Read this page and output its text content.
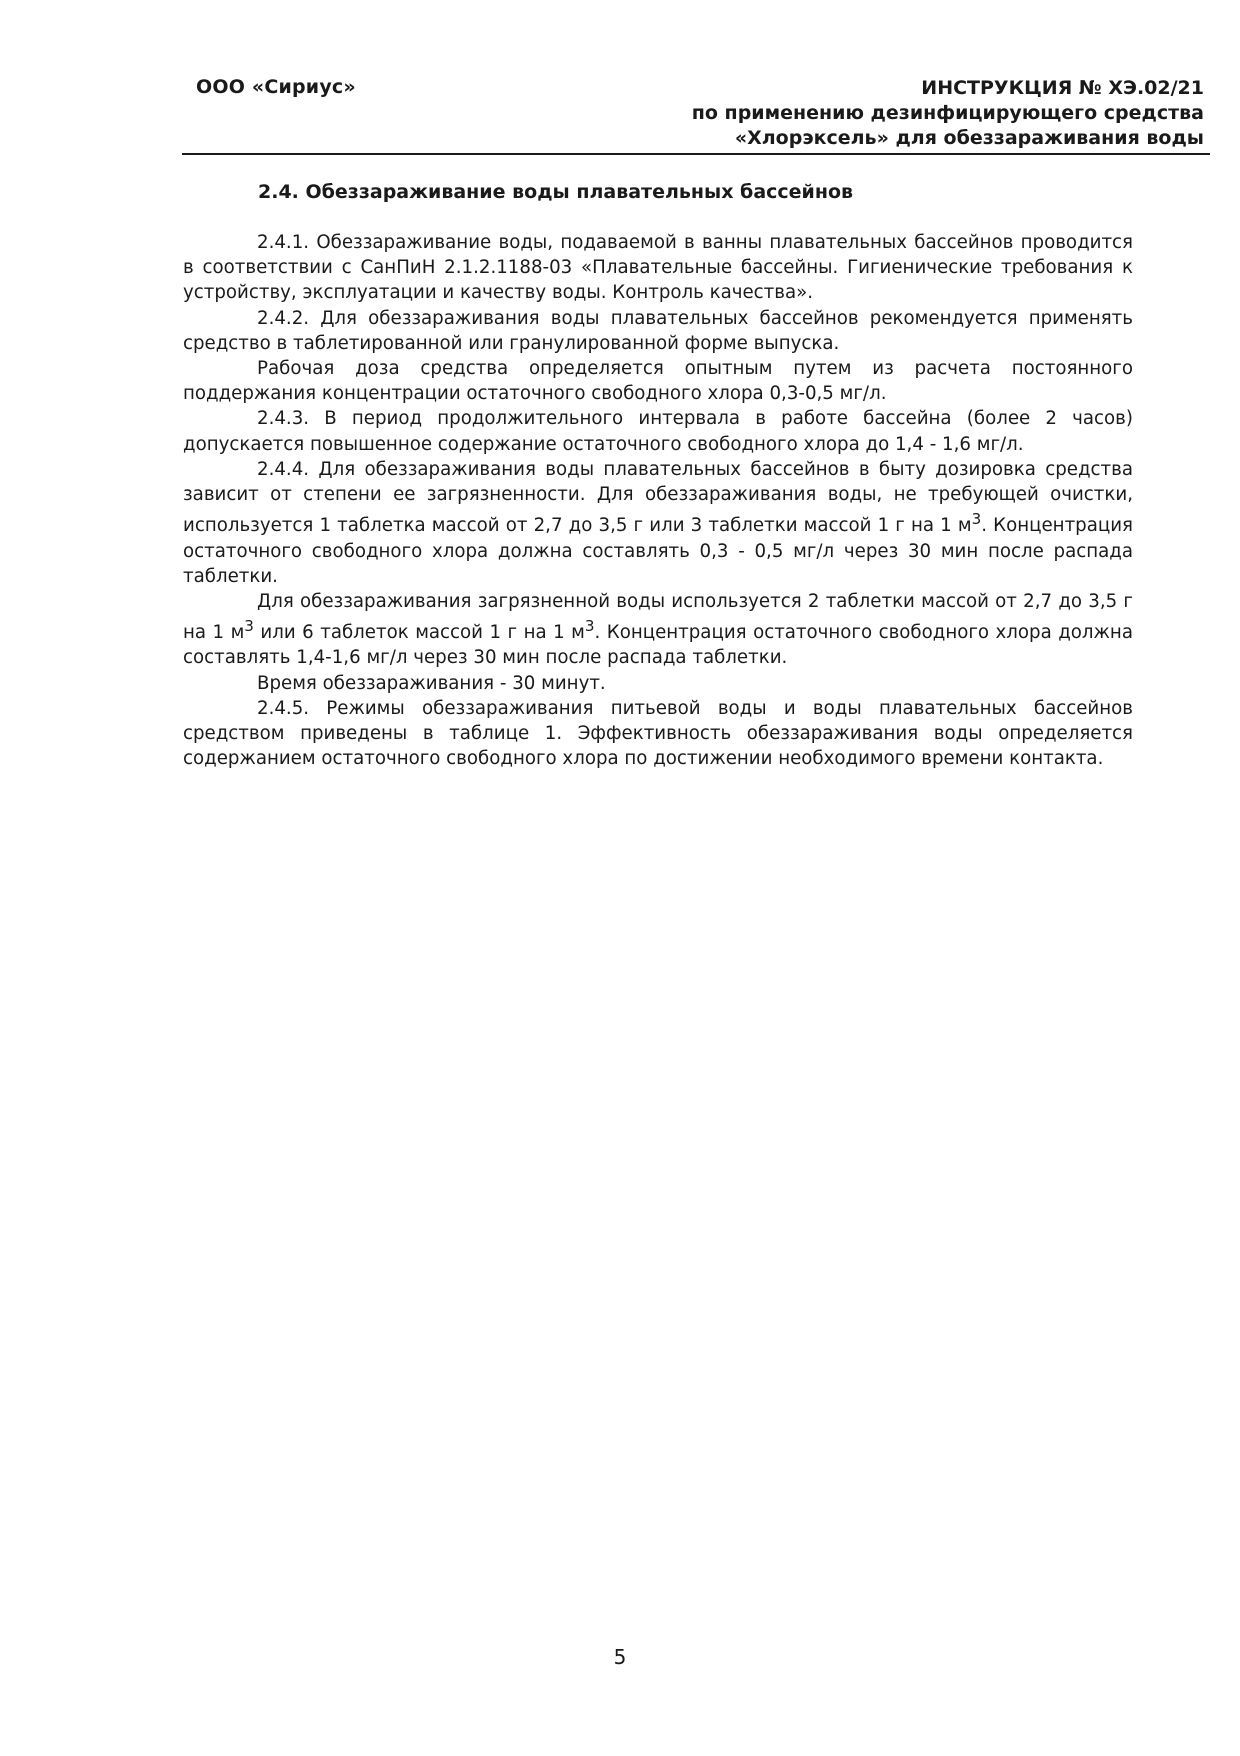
ООО «Сириус»	ИНСТРУКЦИЯ № ХЭ.02/21
по применению дезинфицирующего средства
«Хлорэксель» для обеззараживания воды
2.4. Обеззараживание воды плавательных бассейнов

2.4.1. Обеззараживание воды, подаваемой в ванны плавательных бассейнов проводится в соответствии с СанПиН 2.1.2.1188-03 «Плавательные бассейны. Гигиенические требования к устройству, эксплуатации и качеству воды. Контроль качества».

2.4.2. Для обеззараживания воды плавательных бассейнов рекомендуется применять средство в таблетированной или гранулированной форме выпуска.

Рабочая доза средства определяется опытным путем из расчета постоянного поддержания концентрации остаточного свободного хлора 0,3-0,5 мг/л.

2.4.3. В период продолжительного интервала в работе бассейна (более 2 часов) допускается повышенное содержание остаточного свободного хлора до 1,4 - 1,6 мг/л.

2.4.4. Для обеззараживания воды плавательных бассейнов в быту дозировка средства зависит от степени ее загрязненности. Для обеззараживания воды, не требующей очистки, используется 1 таблетка массой от 2,7 до 3,5 г или 3 таблетки массой 1 г на 1 $м^3$. Концентрация остаточного свободного хлора должна составлять 0,3 - 0,5 мг/л через 30 мин после распада таблетки.

Для обеззараживания загрязненной воды используется 2 таблетки массой от 2,7 до 3,5 г на 1 $м^3$ или 6 таблеток массой 1 г на 1 $м^3$. Концентрация остаточного свободного хлора должна составлять 1,4-1,6 мг/л через 30 мин после распада таблетки.

Время обеззараживания - 30 минут.

2.4.5. Режимы обеззараживания питьевой воды и воды плавательных бассейнов средством приведены в таблице 1. Эффективность обеззараживания воды определяется содержанием остаточного свободного хлора по достижении необходимого времени контакта.

5
